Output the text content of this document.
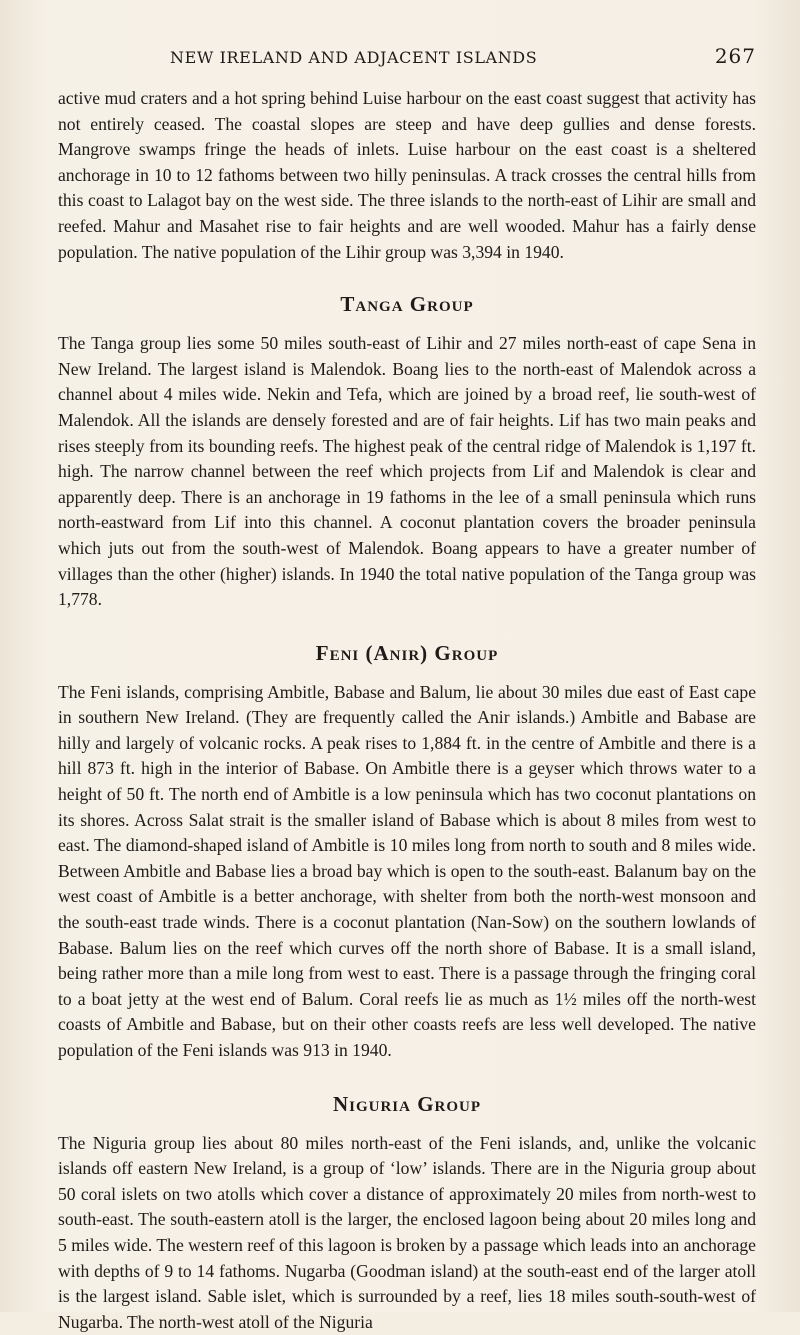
NEW IRELAND AND ADJACENT ISLANDS	267

active mud craters and a hot spring behind Luise harbour on the east coast suggest that activity has not entirely ceased. The coastal slopes are steep and have deep gullies and dense forests. Mangrove swamps fringe the heads of inlets. Luise harbour on the east coast is a sheltered anchorage in 10 to 12 fathoms between two hilly peninsulas. A track crosses the central hills from this coast to Lalagot bay on the west side. The three islands to the north-east of Lihir are small and reefed. Mahur and Masahet rise to fair heights and are well wooded. Mahur has a fairly dense population. The native population of the Lihir group was 3,394 in 1940.

Tanga Group

The Tanga group lies some 50 miles south-east of Lihir and 27 miles north-east of cape Sena in New Ireland. The largest island is Malendok. Boang lies to the north-east of Malendok across a channel about 4 miles wide. Nekin and Tefa, which are joined by a broad reef, lie south-west of Malendok. All the islands are densely forested and are of fair heights. Lif has two main peaks and rises steeply from its bounding reefs. The highest peak of the central ridge of Malendok is 1,197 ft. high. The narrow channel between the reef which projects from Lif and Malendok is clear and apparently deep. There is an anchorage in 19 fathoms in the lee of a small peninsula which runs north-eastward from Lif into this channel. A coconut plantation covers the broader peninsula which juts out from the south-west of Malendok. Boang appears to have a greater number of villages than the other (higher) islands. In 1940 the total native population of the Tanga group was 1,778.

Feni (Anir) Group

The Feni islands, comprising Ambitle, Babase and Balum, lie about 30 miles due east of East cape in southern New Ireland. (They are frequently called the Anir islands.) Ambitle and Babase are hilly and largely of volcanic rocks. A peak rises to 1,884 ft. in the centre of Ambitle and there is a hill 873 ft. high in the interior of Babase. On Ambitle there is a geyser which throws water to a height of 50 ft. The north end of Ambitle is a low peninsula which has two coconut plantations on its shores. Across Salat strait is the smaller island of Babase which is about 8 miles from west to east. The diamond-shaped island of Ambitle is 10 miles long from north to south and 8 miles wide. Between Ambitle and Babase lies a broad bay which is open to the south-east. Balanum bay on the west coast of Ambitle is a better anchorage, with shelter from both the north-west monsoon and the south-east trade winds. There is a coconut plantation (Nan-Sow) on the southern lowlands of Babase. Balum lies on the reef which curves off the north shore of Babase. It is a small island, being rather more than a mile long from west to east. There is a passage through the fringing coral to a boat jetty at the west end of Balum. Coral reefs lie as much as 1½ miles off the north-west coasts of Ambitle and Babase, but on their other coasts reefs are less well developed. The native population of the Feni islands was 913 in 1940.

Niguria Group

The Niguria group lies about 80 miles north-east of the Feni islands, and, unlike the volcanic islands off eastern New Ireland, is a group of ‘low’ islands. There are in the Niguria group about 50 coral islets on two atolls which cover a distance of approximately 20 miles from north-west to south-east. The south-eastern atoll is the larger, the enclosed lagoon being about 20 miles long and 5 miles wide. The western reef of this lagoon is broken by a passage which leads into an anchorage with depths of 9 to 14 fathoms. Nugarba (Goodman island) at the south-east end of the larger atoll is the largest island. Sable islet, which is surrounded by a reef, lies 18 miles south-south-west of Nugarba. The north-west atoll of the Niguria
